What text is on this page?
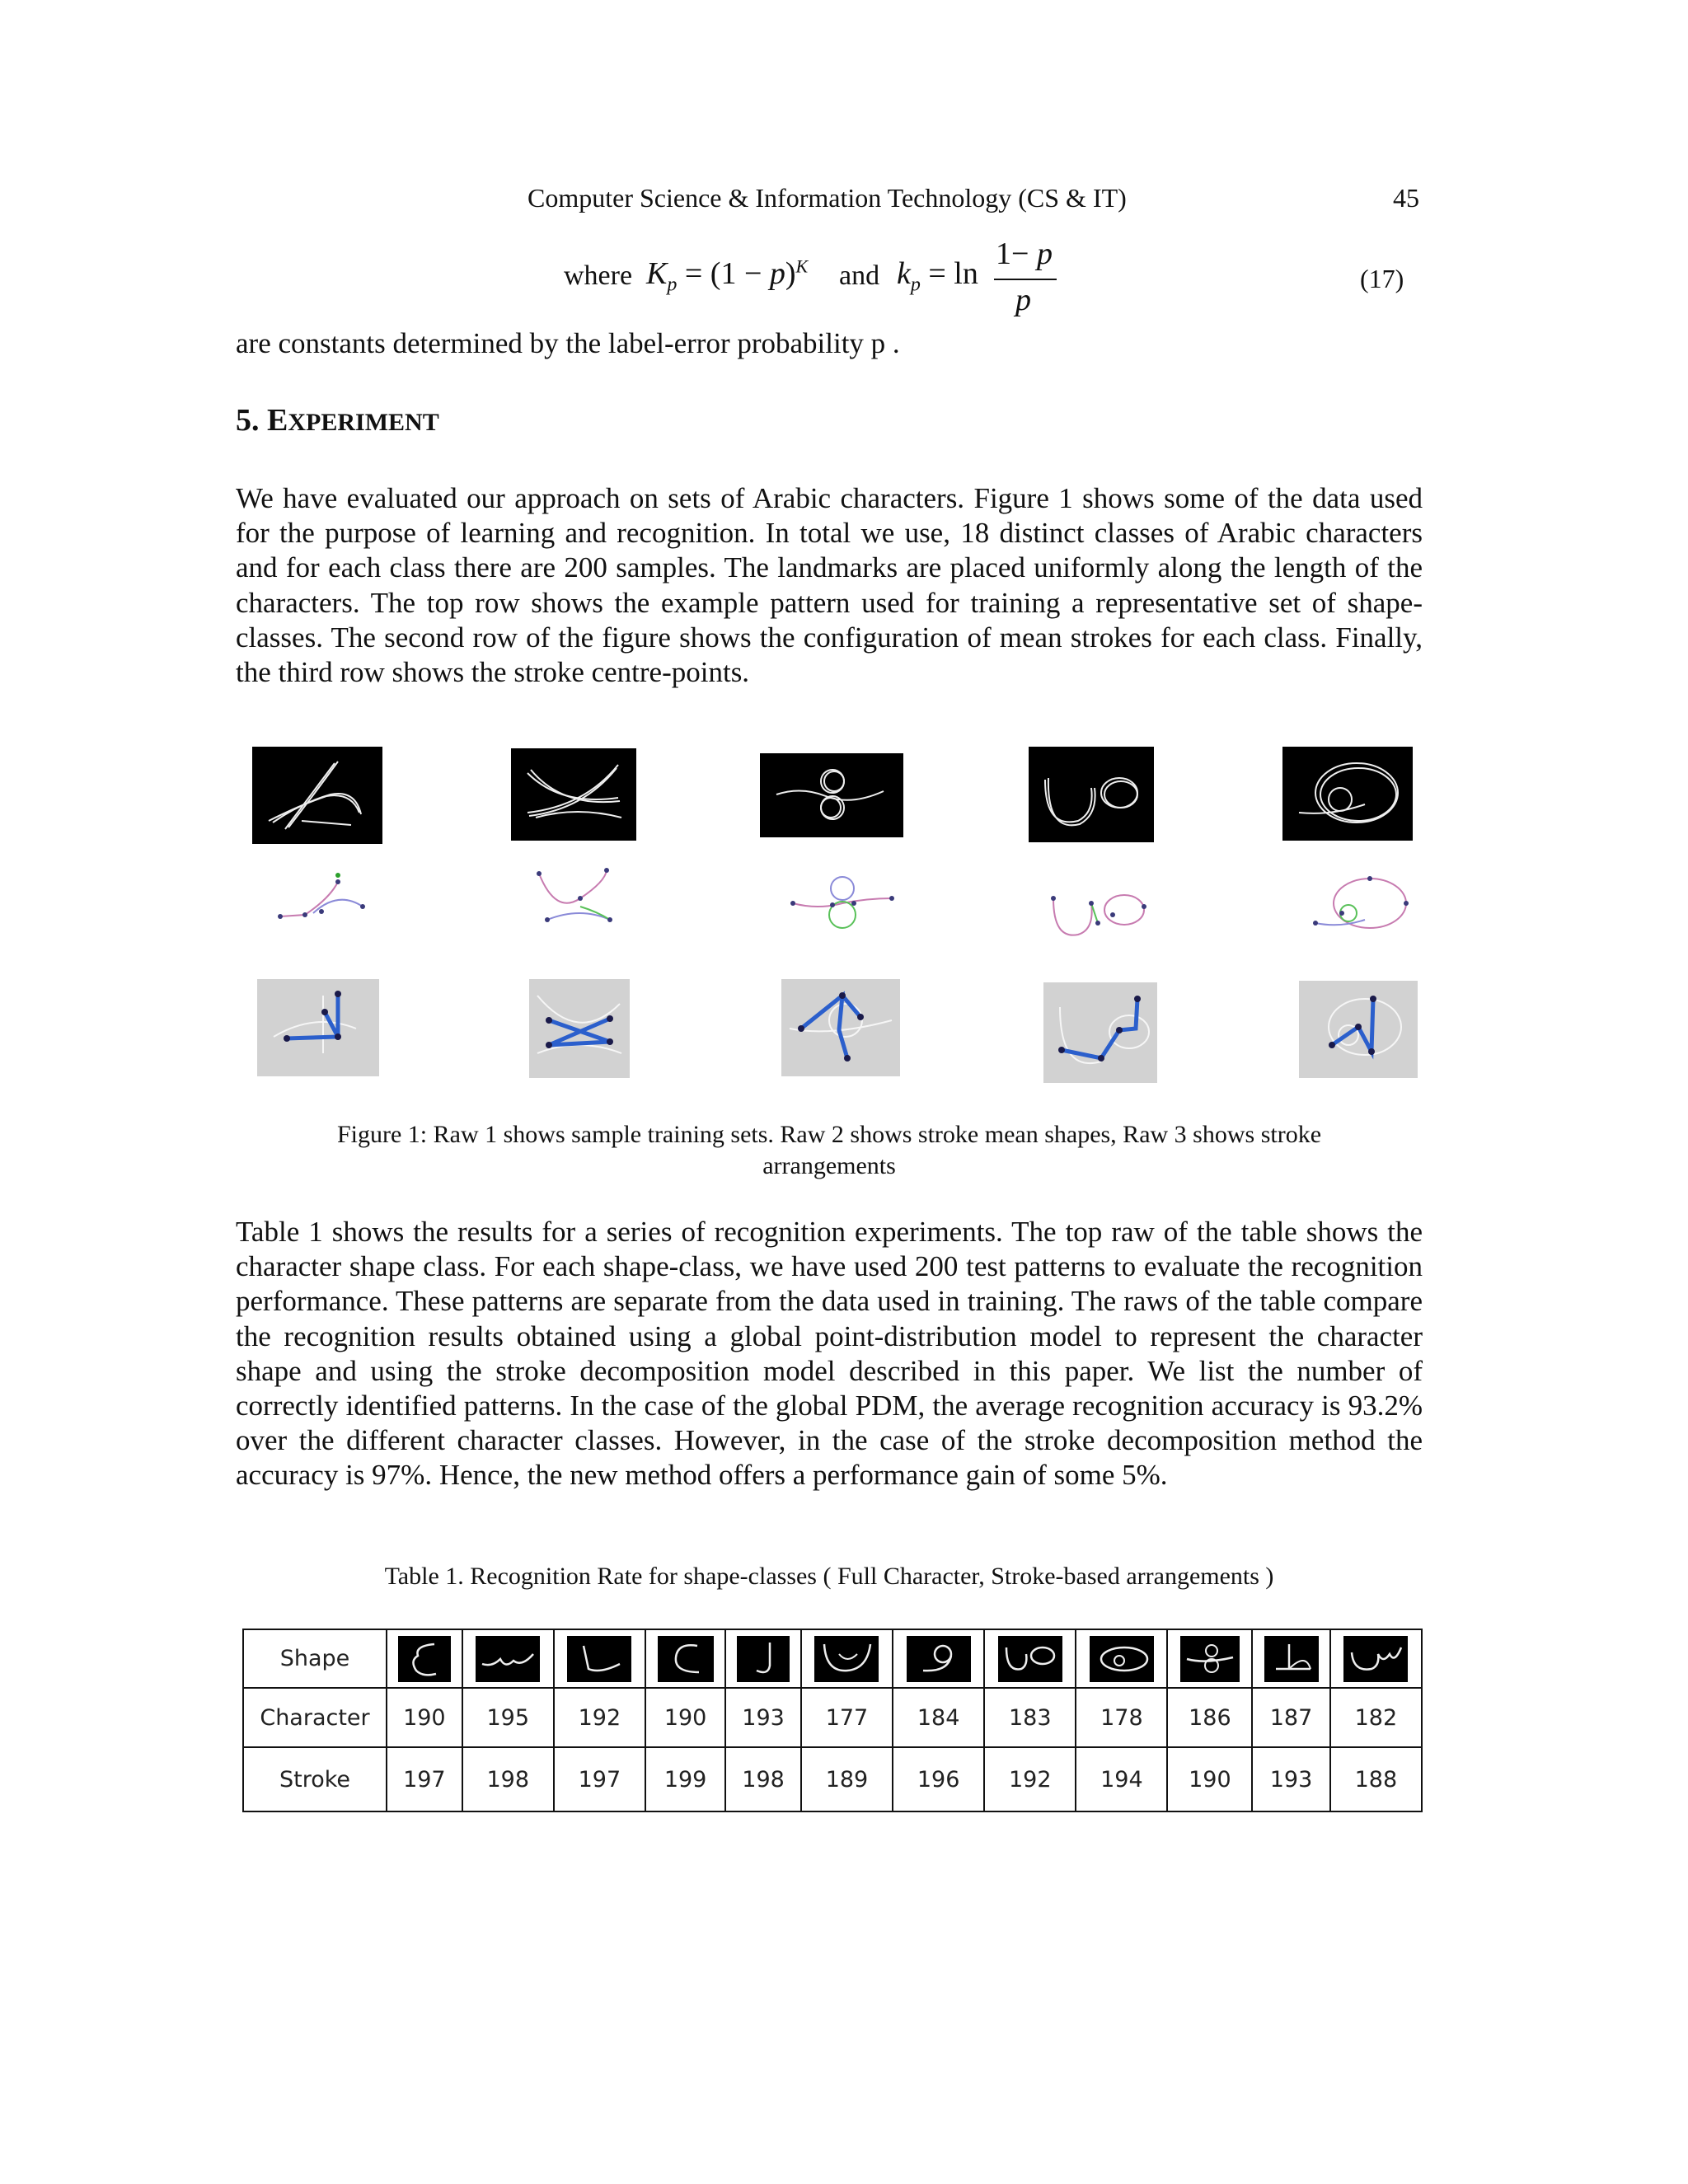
Computer Science & Information Technology (CS & IT)	45
where $K_p = (1 - p)^K$ and $k_p = \ln$
1− p
p
(17)
are constants determined by the label-error probability p .
5. EXPERIMENT
We have evaluated our approach on sets of Arabic characters. Figure 1 shows some of the data used for the purpose of learning and recognition. In total we use, 18 distinct classes of Arabic characters and for each class there are 200 samples. The landmarks are placed uniformly along the length of the characters. The top row shows the example pattern used for training a representative set of shape-classes. The second row of the figure shows the configuration of mean strokes for each class. Finally, the third row shows the stroke centre-points.
Figure 1: Raw 1 shows sample training sets. Raw 2 shows stroke mean shapes, Raw 3 shows stroke
arrangements
Table 1 shows the results for a series of recognition experiments. The top raw of the table shows the character shape class. For each shape-class, we have used 200 test patterns to evaluate the recognition performance. These patterns are separate from the data used in training. The raws of the table compare the recognition results obtained using a global point-distribution model to represent the character shape and using the stroke decomposition model described in this paper. We list the number of correctly identified patterns. In the case of the global PDM, the average recognition accuracy is 93.2% over the different character classes. However, in the case of the stroke decomposition method the accuracy is 97%. Hence, the new method offers a performance gain of some 5%.
Table 1. Recognition Rate for shape-classes ( Full Character, Stroke-based arrangements )
Shape	

Character	190	195	192	190	193	177	184	183	178	186	187	182
Stroke	197	198	197	199	198	189	196	192	194	190	193	188
